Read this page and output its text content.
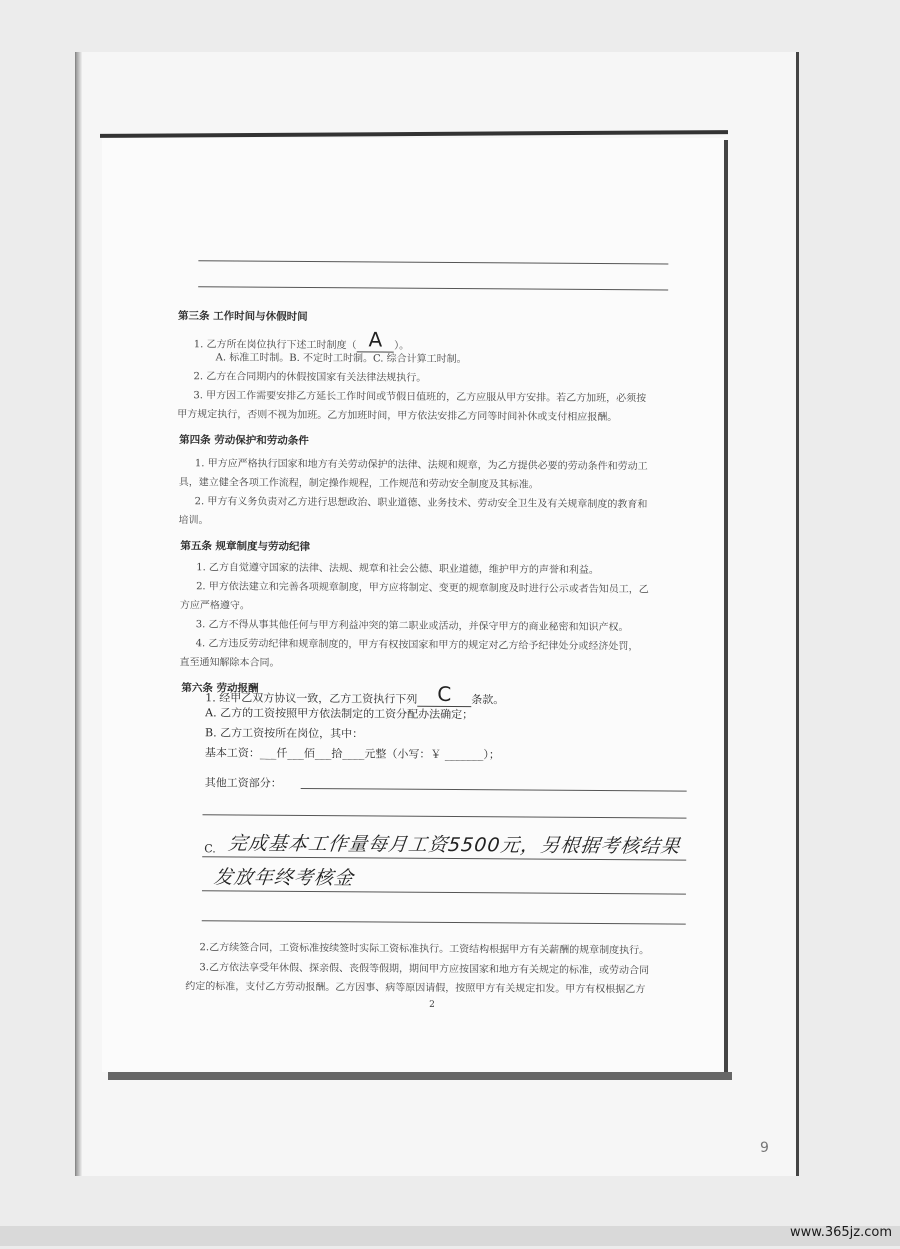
第三条 工作时间与休假时间
1. 乙方所在岗位执行下述工时制度（ A ）。
A. 标准工时制。B. 不定时工时制。C. 综合计算工时制。
2. 乙方在合同期内的休假按国家有关法律法规执行。
3. 甲方因工作需要安排乙方延长工作时间或节假日值班的，乙方应服从甲方安排。若乙方加班，必须按
甲方规定执行，否则不视为加班。乙方加班时间，甲方依法安排乙方同等时间补休或支付相应报酬。
第四条 劳动保护和劳动条件
1. 甲方应严格执行国家和地方有关劳动保护的法律、法规和规章，为乙方提供必要的劳动条件和劳动工
具，建立健全各项工作流程，制定操作规程，工作规范和劳动安全制度及其标准。
2. 甲方有义务负责对乙方进行思想政治、职业道德、业务技术、劳动安全卫生及有关规章制度的教育和
培训。
第五条 规章制度与劳动纪律
1. 乙方自觉遵守国家的法律、法规、规章和社会公德、职业道德，维护甲方的声誉和利益。
2. 甲方依法建立和完善各项规章制度，甲方应将制定、变更的规章制度及时进行公示或者告知员工，乙
方应严格遵守。
3. 乙方不得从事其他任何与甲方利益冲突的第二职业或活动，并保守甲方的商业秘密和知识产权。
4. 乙方违反劳动纪律和规章制度的，甲方有权按国家和甲方的规定对乙方给予纪律处分或经济处罚，
直至通知解除本合同。
第六条 劳动报酬
1. 经甲乙双方协议一致，乙方工资执行下列 C 条款。
A. 乙方的工资按照甲方依法制定的工资分配办法确定；
B. 乙方工资按所在岗位，其中：
基本工资：___仟___佰___拾____元整（小写：￥ _______）；
其他工资部分：
C. 完成基本工作量每月工资5500元，另根据考核结果
发放年终考核金
2.乙方续签合同，工资标准按续签时实际工资标准执行。工资结构根据甲方有关薪酬的规章制度执行。
3.乙方依法享受年休假、探亲假、丧假等假期，期间甲方应按国家和地方有关规定的标准，或劳动合同
约定的标准，支付乙方劳动报酬。乙方因事、病等原因请假，按照甲方有关规定扣发。甲方有权根据乙方
2
9
www.365jz.com
